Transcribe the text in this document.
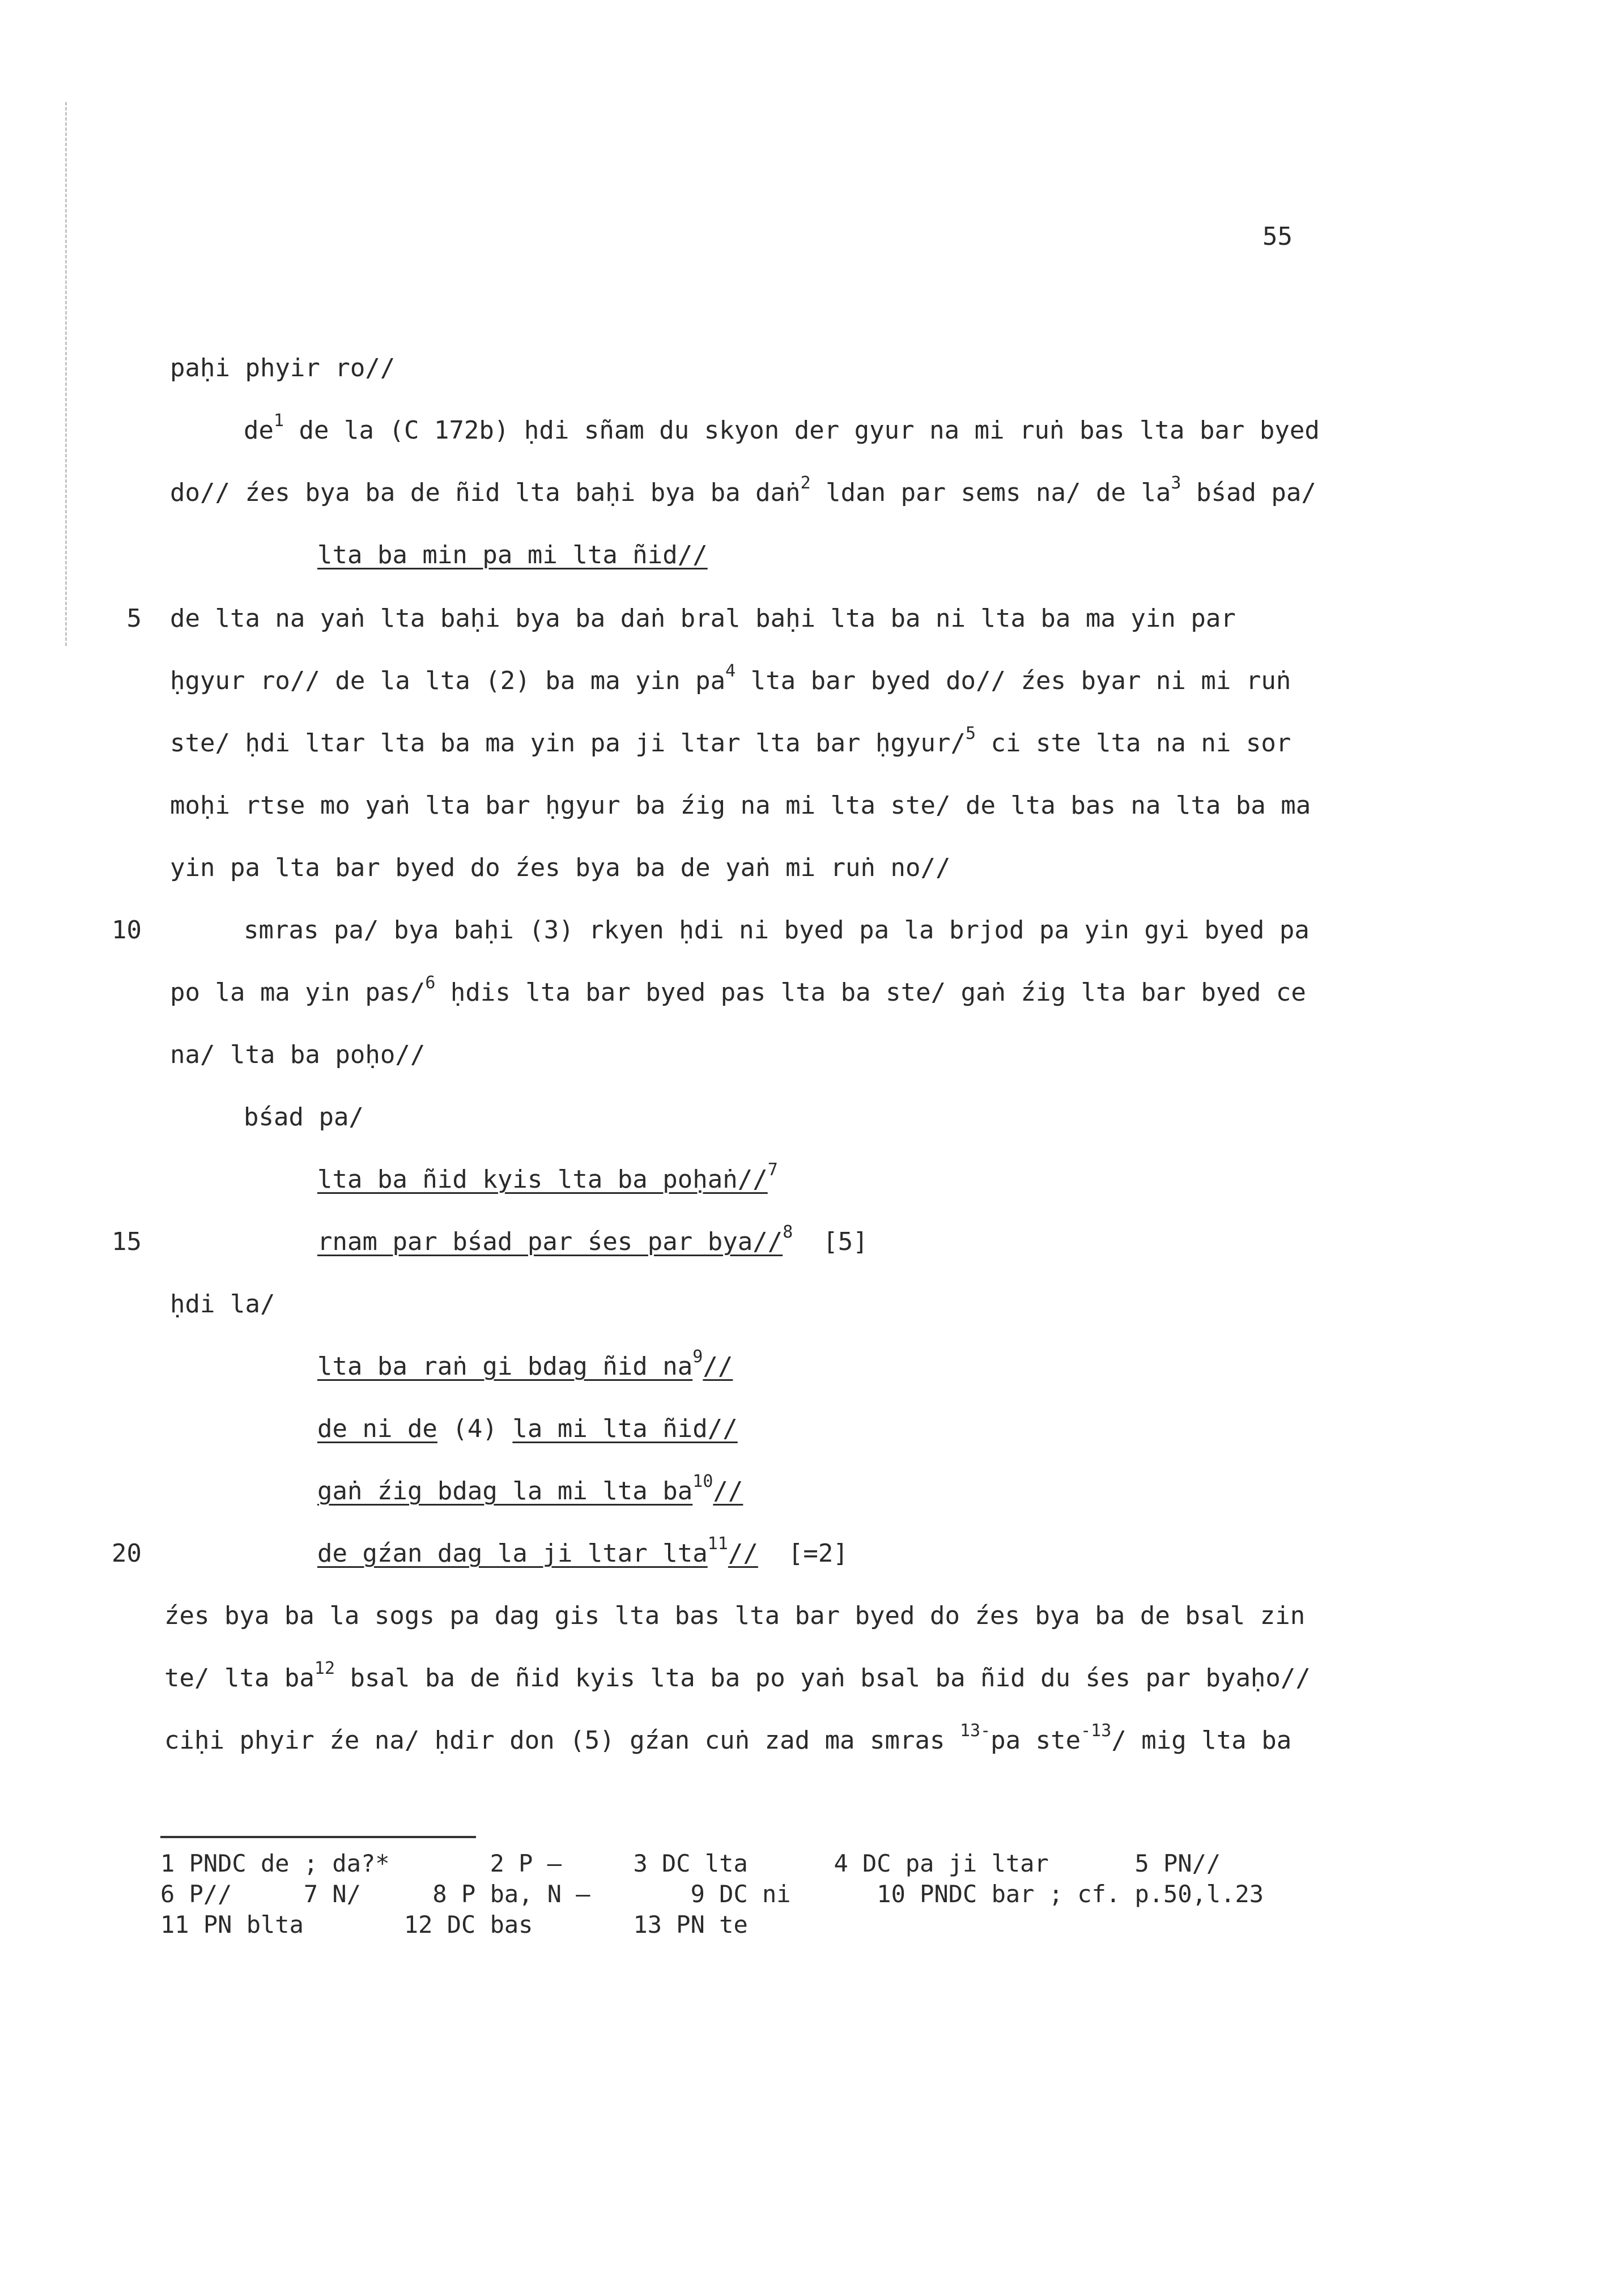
55
paḥi phyir ro//
$de^1$ de la (C 172b) ḥdi sñam du skyon der gyur na mi ruṅ bas lta bar byed
do// źes bya ba de ñid lta baḥi bya ba daṅ$^2$ ldan par sems na/ de $la^3$ bśad pa/
lta ba min pa mi lta ñid//
5 de lta na yaṅ lta baḥi bya ba daṅ bral baḥi lta ba ni lta ba ma yin par
ḥgyur ro// de la lta (2) ba ma yin $pa^4$ lta bar byed do// źes byar ni mi ruṅ
ste/ ḥdi ltar lta ba ma yin pa ji ltar lta bar ḥgyur/$^5$ ci ste lta na ni sor
moḥi rtse mo yaṅ lta bar ḥgyur ba źig na mi lta ste/ de lta bas na lta ba ma
yin pa lta bar byed do źes bya ba de yaṅ mi ruṅ no//
10	smras pa/ bya baḥi (3) rkyen ḥdi ni byed pa la brjod pa yin gyi byed pa
po la ma yin pas/$^6$ ḥdis lta bar byed pas lta ba ste/ gaṅ źig lta bar byed ce
na/ lta ba poḥo//
bśad pa/
lta ba ñid kyis lta ba poḥaṅ//$^7$
15	rnam par bśad par śes par bya//$^8$  [5]
ḥdi la/
lta ba raṅ gi bdag ñid $na^9//$
de ni de (4) la mi lta ñid//
gaṅ źig bdag la mi lta $ba^{10}//$
20	de gźan dag la ji ltar lta$^{11}$//  [=2]
źes bya ba la sogs pa dag gis lta bas lta bar byed do źes bya ba de bsal zin
te/ lta $ba^{12}$ bsal ba de ñid kyis lta ba po yaṅ bsal ba ñid du śes par byaḥo//
ciḥi phyir źe na/ ḥdir don (5) gźan cuṅ zad ma smras $^{13-}$pa ste$^{-13}$/ mig lta ba
1 PNDC de ; da?*       2 P —     3 DC lta      4 DC pa ji ltar      5 PN//
6 P//     7 N/     8 P ba, N —       9 DC ni      10 PNDC bar ; cf. p.50,l.23
11 PN blta       12 DC bas       13 PN te
